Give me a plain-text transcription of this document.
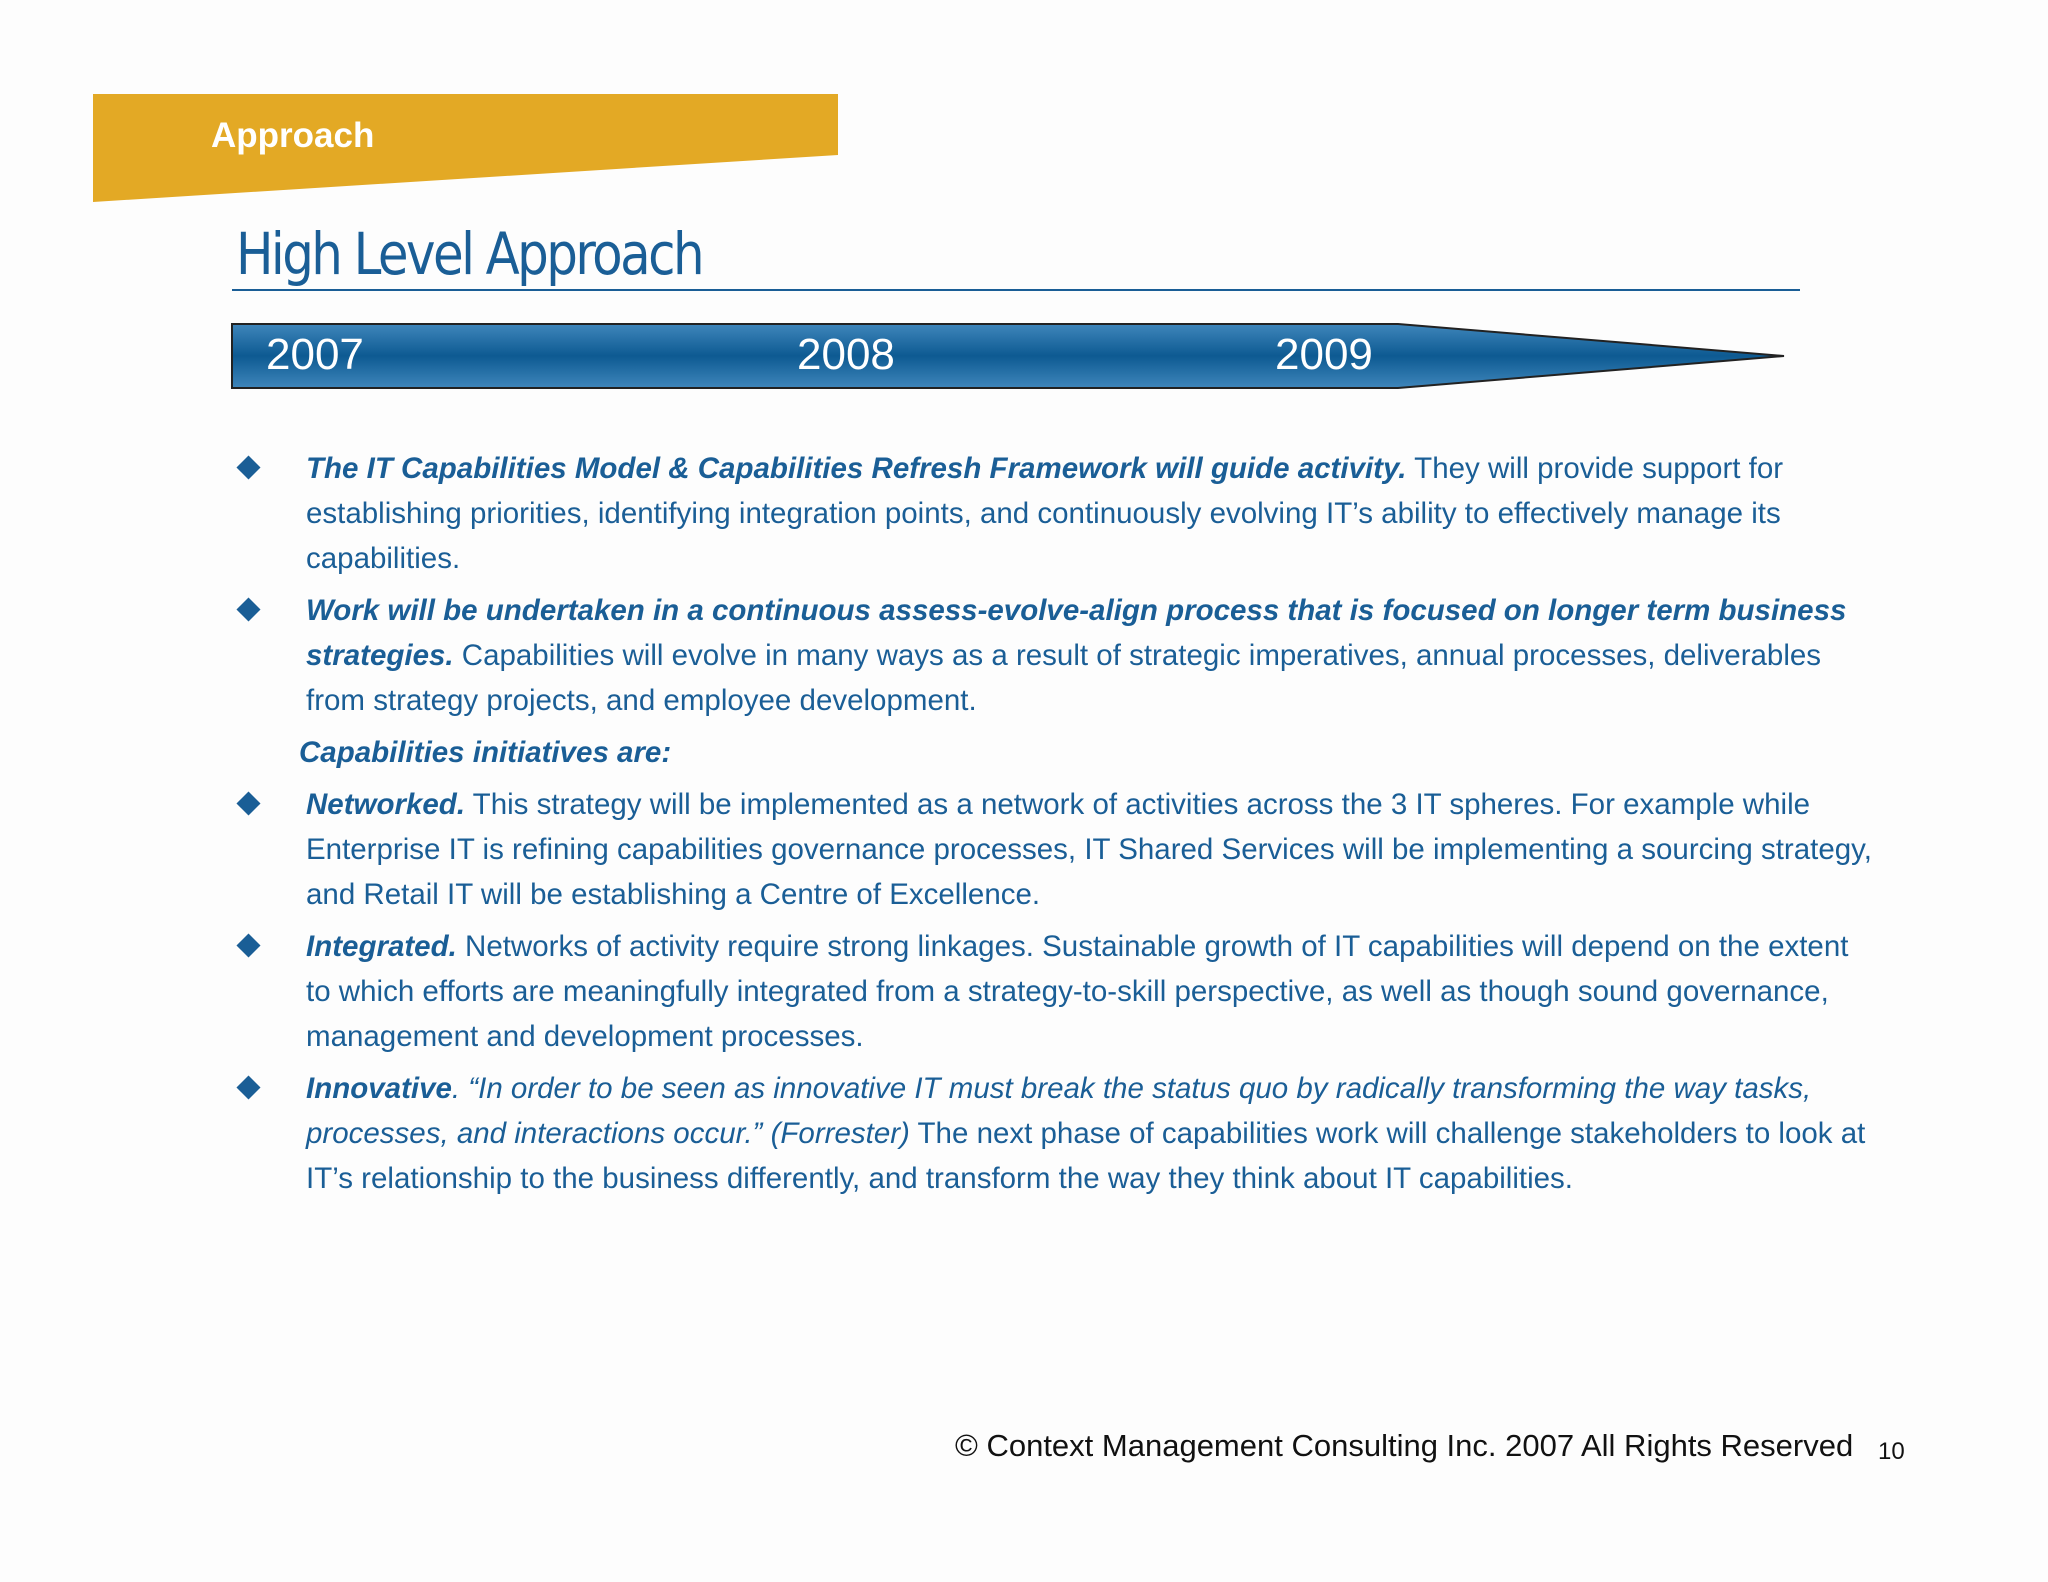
Approach
High Level Approach
2007	2008	2009
The IT Capabilities Model & Capabilities Refresh Framework will guide activity. They will provide support for establishing priorities, identifying integration points, and continuously evolving IT’s ability to effectively manage its capabilities.
Work will be undertaken in a continuous assess-evolve-align process that is focused on longer term business strategies. Capabilities will evolve in many ways as a result of strategic imperatives, annual processes, deliverables from strategy projects, and employee development.
Capabilities initiatives are:
Networked. This strategy will be implemented as a network of activities across the 3 IT spheres. For example while Enterprise IT is refining capabilities governance processes, IT Shared Services will be implementing a sourcing strategy, and Retail IT will be establishing a Centre of Excellence.
Integrated. Networks of activity require strong linkages. Sustainable growth of IT capabilities will depend on the extent to which efforts are meaningfully integrated from a strategy-to-skill perspective, as well as though sound governance, management and development processes.
Innovative. “In order to be seen as innovative IT must break the status quo by radically transforming the way tasks, processes, and interactions occur.” (Forrester) The next phase of capabilities work will challenge stakeholders to look at IT’s relationship to the business differently, and transform the way they think about IT capabilities.
© Context Management Consulting Inc. 2007 All Rights Reserved 10
